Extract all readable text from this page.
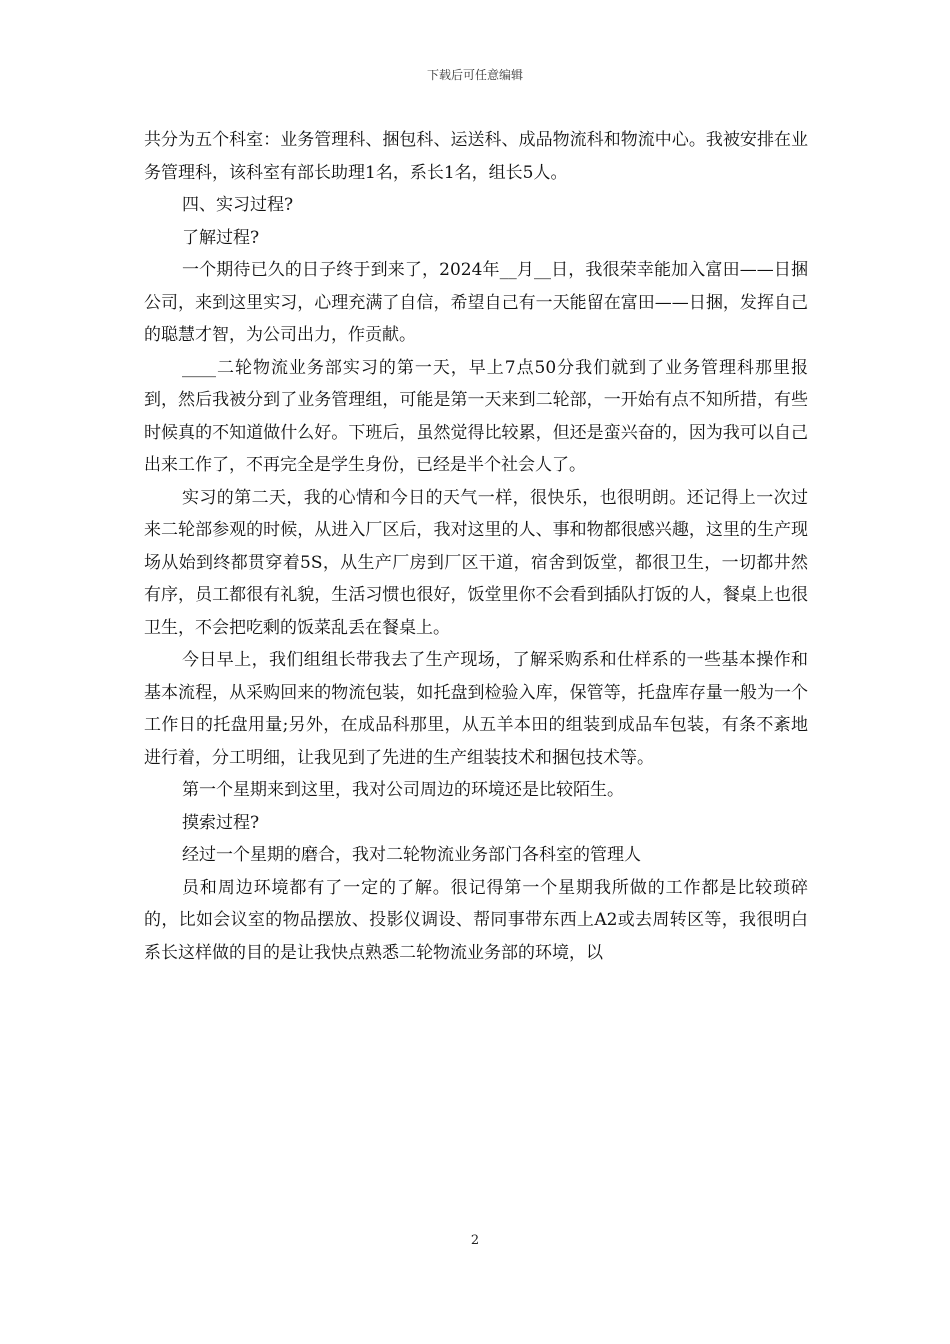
下载后可任意编辑

共分为五个科室：业务管理科、捆包科、运送科、成品物流科和物流中心。我被安排在业务管理科，该科室有部长助理1名，系长1名，组长5人。

四、实习过程?

了解过程?

一个期待已久的日子终于到来了，2024年__月__日，我很荣幸能加入富田——日捆公司，来到这里实习，心理充满了自信，希望自己有一天能留在富田——日捆，发挥自己的聪慧才智，为公司出力，作贡献。

____二轮物流业务部实习的第一天，早上7点50分我们就到了业务管理科那里报到，然后我被分到了业务管理组，可能是第一天来到二轮部，一开始有点不知所措，有些时候真的不知道做什么好。下班后，虽然觉得比较累，但还是蛮兴奋的，因为我可以自己出来工作了，不再完全是学生身份，已经是半个社会人了。

实习的第二天，我的心情和今日的天气一样，很快乐，也很明朗。还记得上一次过来二轮部参观的时候，从进入厂区后，我对这里的人、事和物都很感兴趣，这里的生产现场从始到终都贯穿着5S，从生产厂房到厂区干道，宿舍到饭堂，都很卫生，一切都井然有序，员工都很有礼貌，生活习惯也很好，饭堂里你不会看到插队打饭的人，餐桌上也很卫生，不会把吃剩的饭菜乱丢在餐桌上。

今日早上，我们组组长带我去了生产现场，了解采购系和仕样系的一些基本操作和基本流程，从采购回来的物流包装，如托盘到检验入库，保管等，托盘库存量一般为一个工作日的托盘用量;另外，在成品科那里，从五羊本田的组装到成品车包装，有条不紊地进行着，分工明细，让我见到了先进的生产组装技术和捆包技术等。

第一个星期来到这里，我对公司周边的环境还是比较陌生。

摸索过程?

经过一个星期的磨合，我对二轮物流业务部门各科室的管理人

员和周边环境都有了一定的了解。很记得第一个星期我所做的工作都是比较琐碎的，比如会议室的物品摆放、投影仪调设、帮同事带东西上A2或去周转区等，我很明白系长这样做的目的是让我快点熟悉二轮物流业务部的环境，以

2
